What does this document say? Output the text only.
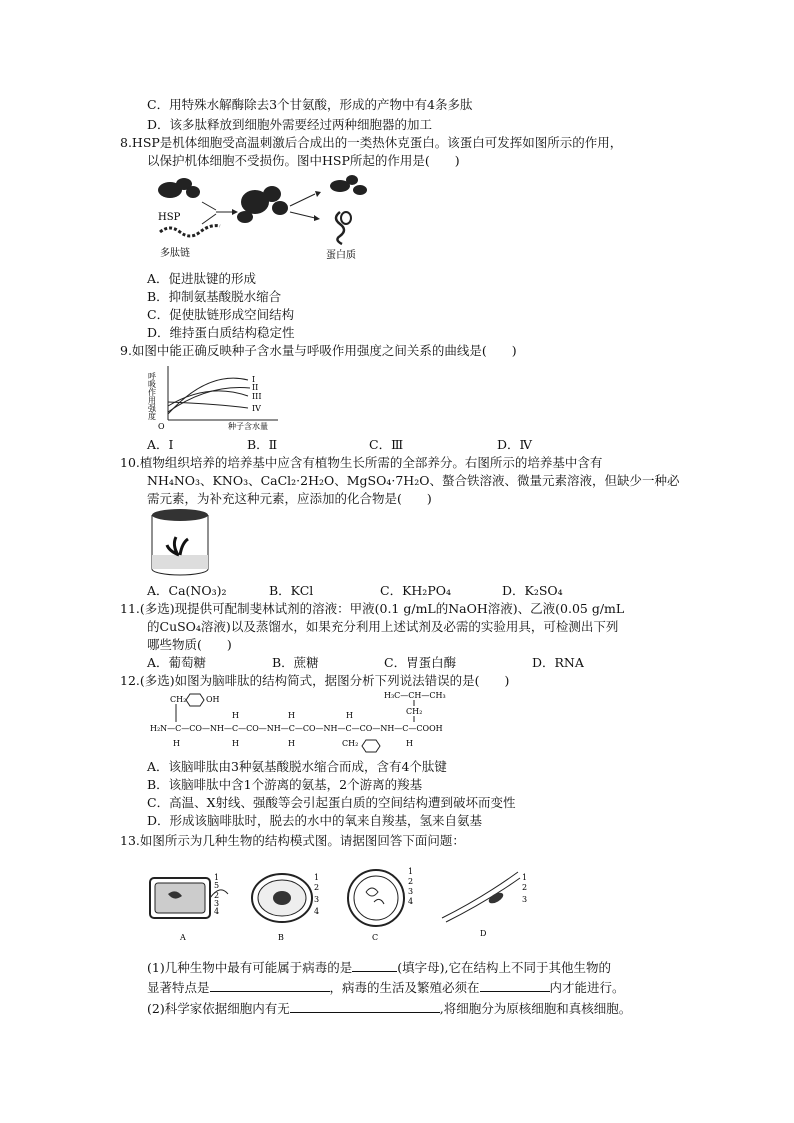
C．用特殊水解酶除去3个甘氨酸，形成的产物中有4条多肽
D．该多肽释放到细胞外需要经过两种细胞器的加工
8.HSP是机体细胞受高温刺激后合成出的一类热休克蛋白。该蛋白可发挥如图所示的作用，
以保护机体细胞不受损伤。图中HSP所起的作用是(　　)
HSP
多肽链	蛋白质
A．促进肽键的形成
B．抑制氨基酸脱水缩合
C．促使肽链形成空间结构
D．维持蛋白质结构稳定性
9.如图中能正确反映种子含水量与呼吸作用强度之间关系的曲线是(　　)
I
II
III
IV
O	种子含水量
呼吸作用强度
A．Ⅰ	B．Ⅱ	C．Ⅲ	D．Ⅳ
10.植物组织培养的培养基中应含有植物生长所需的全部养分。右图所示的培养基中含有
NH₄NO₃、KNO₃、CaCl₂·2H₂O、MgSO₄·7H₂O、螯合铁溶液、微量元素溶液，但缺少一种必
需元素，为补充这种元素，应添加的化合物是(　　)
A．Ca(NO₃)₂	B．KCl	C．KH₂PO₄	D．K₂SO₄
11.(多选)现提供可配制斐林试剂的溶液：甲液(0.1 g/mL的NaOH溶液)、乙液(0.05 g/mL
的CuSO₄溶液)以及蒸馏水，如果充分利用上述试剂及必需的实验用具，可检测出下列
哪些物质(　　)
A．葡萄糖	B．蔗糖	C．胃蛋白酶	D．RNA
12.(多选)如图为脑啡肽的结构简式，据图分析下列说法错误的是(　　)
H₂N—C—CO—NH—C—CO—NH—C—CO—NH—C—CO—NH—C—COOH
CH₂ OH
H
H
H
H
H
H
CH₂
H₃C—CH—CH₃
CH₂
H
A．该脑啡肽由3种氨基酸脱水缩合而成，含有4个肽键
B．该脑啡肽中含1个游离的氨基，2个游离的羧基
C．高温、X射线、强酸等会引起蛋白质的空间结构遭到破坏而变性
D．形成该脑啡肽时，脱去的水中的氧来自羧基，氢来自氨基
13.如图所示为几种生物的结构模式图。请据图回答下面问题：
1
5
2
3
4
1
2
3
4
1
2
3
4
1
2
3
A	B	C	D
(1)几种生物中最有可能属于病毒的是	(填字母),它在结构上不同于其他生物的
显著特点是	，病毒的生活及繁殖必须在	内才能进行。
(2)科学家依据细胞内有无	,将细胞分为原核细胞和真核细胞。
